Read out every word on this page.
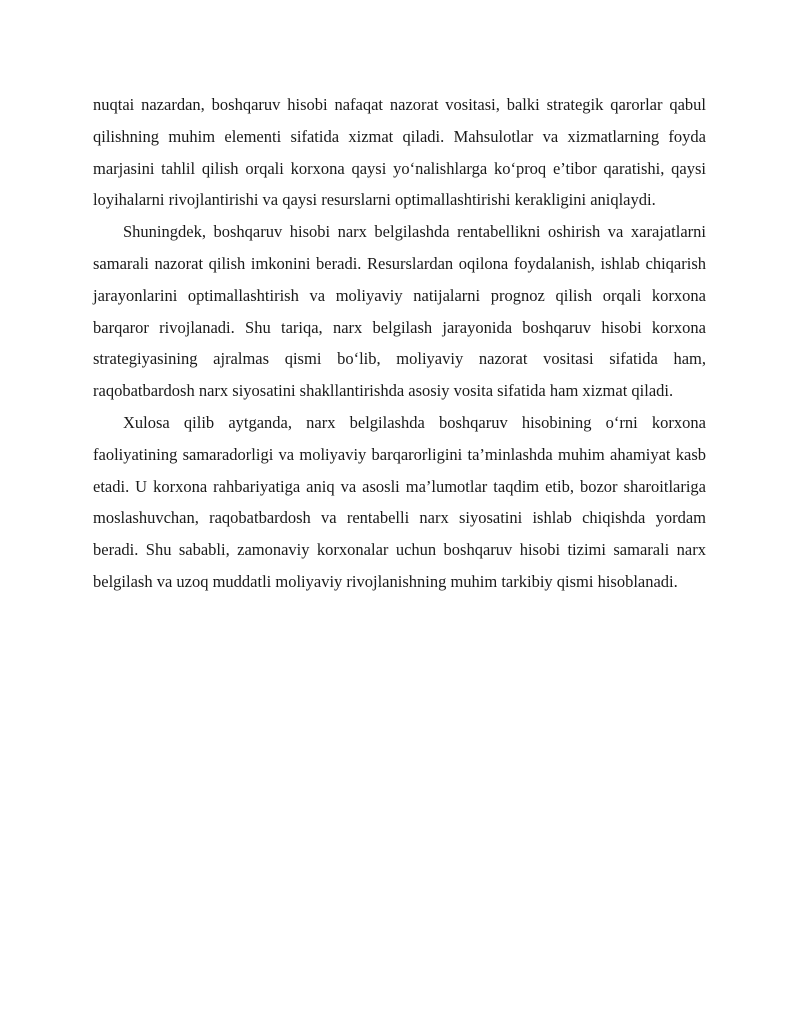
nuqtai nazardan, boshqaruv hisobi nafaqat nazorat vositasi, balki strategik qarorlar qabul qilishning muhim elementi sifatida xizmat qiladi. Mahsulotlar va xizmatlarning foyda marjasini tahlil qilish orqali korxona qaysi yo‘nalishlarga ko‘proq e’tibor qaratishi, qaysi loyihalarni rivojlantirishi va qaysi resurslarni optimallashtirishi kerakligini aniqlaydi.

Shuningdek, boshqaruv hisobi narx belgilashda rentabellikni oshirish va xarajatlarni samarali nazorat qilish imkonini beradi. Resurslardan oqilona foydalanish, ishlab chiqarish jarayonlarini optimallashtirish va moliyaviy natijalarni prognoz qilish orqali korxona barqaror rivojlanadi. Shu tariqa, narx belgilash jarayonida boshqaruv hisobi korxona strategiyasining ajralmas qismi bo‘lib, moliyaviy nazorat vositasi sifatida ham, raqobatbardosh narx siyosatini shakllantirishda asosiy vosita sifatida ham xizmat qiladi.

Xulosa qilib aytganda, narx belgilashda boshqaruv hisobining o‘rni korxona faoliyatining samaradorligi va moliyaviy barqarorligini ta’minlashda muhim ahamiyat kasb etadi. U korxona rahbariyatiga aniq va asosli ma’lumotlar taqdim etib, bozor sharoitlariga moslashuvchan, raqobatbardosh va rentabelli narx siyosatini ishlab chiqishda yordam beradi. Shu sababli, zamonaviy korxonalar uchun boshqaruv hisobi tizimi samarali narx belgilash va uzoq muddatli moliyaviy rivojlanishning muhim tarkibiy qismi hisoblanadi.
